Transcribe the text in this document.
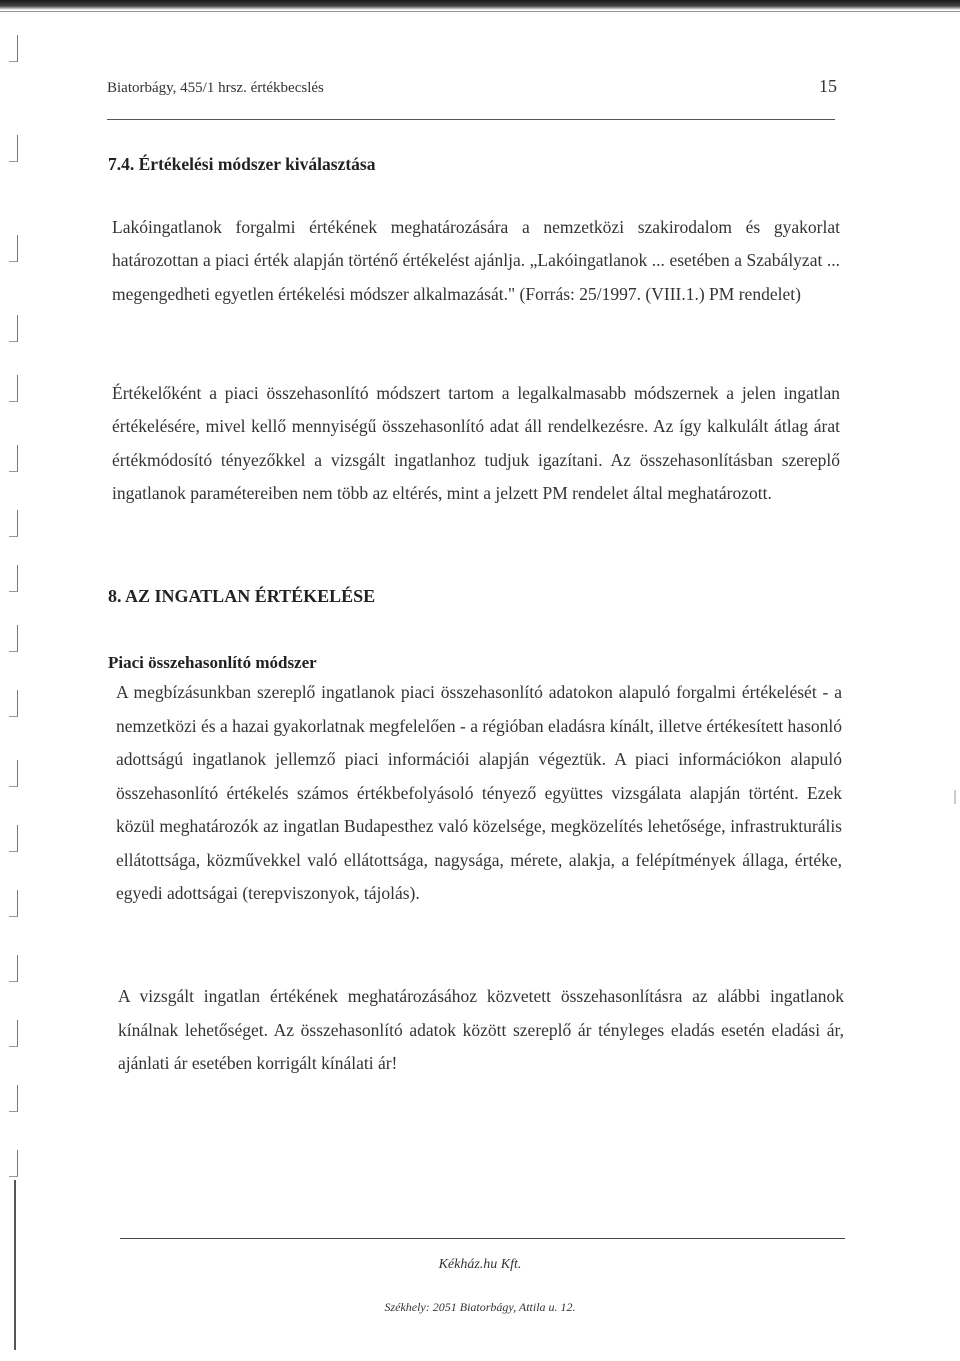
Biatorbágy, 455/1 hrsz. értékbecslés	15
7.4. Értékelési módszer kiválasztása
Lakóingatlanok forgalmi értékének meghatározására a nemzetközi szakirodalom és gyakorlat határozottan a piaci érték alapján történő értékelést ajánlja. „Lakóingatlanok ... esetében a Szabályzat ... megengedheti egyetlen értékelési módszer alkalmazását." (Forrás: 25/1997. (VIII.1.) PM rendelet)
Értékelőként a piaci összehasonlító módszert tartom a legalkalmasabb módszernek a jelen ingatlan értékelésére, mivel kellő mennyiségű összehasonlító adat áll rendelkezésre. Az így kalkulált átlag árat értékmódosító tényezőkkel a vizsgált ingatlanhoz tudjuk igazítani. Az összehasonlításban szereplő ingatlanok paramétereiben nem több az eltérés, mint a jelzett PM rendelet által meghatározott.
8. AZ INGATLAN ÉRTÉKELÉSE
Piaci összehasonlító módszer
A megbízásunkban szereplő ingatlanok piaci összehasonlító adatokon alapuló forgalmi értékelését - a nemzetközi és a hazai gyakorlatnak megfelelően - a régióban eladásra kínált, illetve értékesített hasonló adottságú ingatlanok jellemző piaci információi alapján végeztük. A piaci információkon alapuló összehasonlító értékelés számos értékbefolyásoló tényező együttes vizsgálata alapján történt. Ezek közül meghatározók az ingatlan Budapesthez való közelsége, megközelítés lehetősége, infrastrukturális ellátottsága, közművekkel való ellátottsága, nagysága, mérete, alakja, a felépítmények állaga, értéke, egyedi adottságai (terepviszonyok, tájolás).
A vizsgált ingatlan értékének meghatározásához közvetett összehasonlításra az alábbi ingatlanok kínálnak lehetőséget. Az összehasonlító adatok között szereplő ár tényleges eladás esetén eladási ár, ajánlati ár esetében korrigált kínálati ár!
Kékház.hu Kft.
Székhely: 2051 Biatorbágy, Attila u. 12.
